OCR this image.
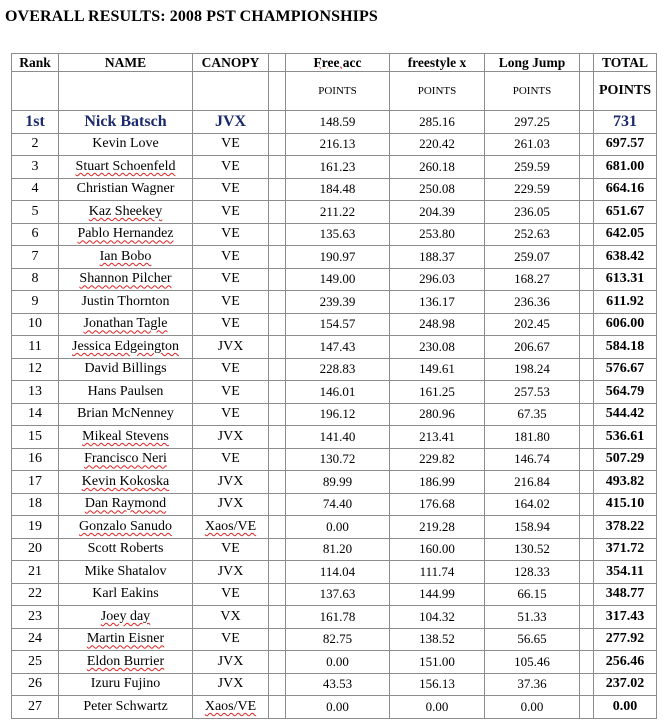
OVERALL RESULTS: 2008 PST CHAMPIONSHIPS
Rank	NAME	CANOPY		Free acc	freestyle x	Long Jump		TOTAL
				POINTS	POINTS	POINTS		POINTS
1st	Nick Batsch	JVX		148.59	285.16	297.25		731
2	Kevin Love	VE		216.13	220.42	261.03		697.57
3	Stuart Schoenfeld	VE		161.23	260.18	259.59		681.00
4	Christian Wagner	VE		184.48	250.08	229.59		664.16
5	Kaz Sheekey	VE		211.22	204.39	236.05		651.67
6	Pablo Hernandez	VE		135.63	253.80	252.63		642.05
7	Ian Bobo	VE		190.97	188.37	259.07		638.42
8	Shannon Pilcher	VE		149.00	296.03	168.27		613.31
9	Justin Thornton	VE		239.39	136.17	236.36		611.92
10	Jonathan Tagle	VE		154.57	248.98	202.45		606.00
11	Jessica Edgeington	JVX		147.43	230.08	206.67		584.18
12	David Billings	VE		228.83	149.61	198.24		576.67
13	Hans Paulsen	VE		146.01	161.25	257.53		564.79
14	Brian McNenney	VE		196.12	280.96	67.35		544.42
15	Mikeal Stevens	JVX		141.40	213.41	181.80		536.61
16	Francisco Neri	VE		130.72	229.82	146.74		507.29
17	Kevin Kokoska	JVX		89.99	186.99	216.84		493.82
18	Dan Raymond	JVX		74.40	176.68	164.02		415.10
19	Gonzalo Sanudo	Xaos/VE		0.00	219.28	158.94		378.22
20	Scott Roberts	VE		81.20	160.00	130.52		371.72
21	Mike Shatalov	JVX		114.04	111.74	128.33		354.11
22	Karl Eakins	VE		137.63	144.99	66.15		348.77
23	Joey day	VX		161.78	104.32	51.33		317.43
24	Martin Eisner	VE		82.75	138.52	56.65		277.92
25	Eldon Burrier	JVX		0.00	151.00	105.46		256.46
26	Izuru Fujino	JVX		43.53	156.13	37.36		237.02
27	Peter Schwartz	Xaos/VE		0.00	0.00	0.00		0.00
